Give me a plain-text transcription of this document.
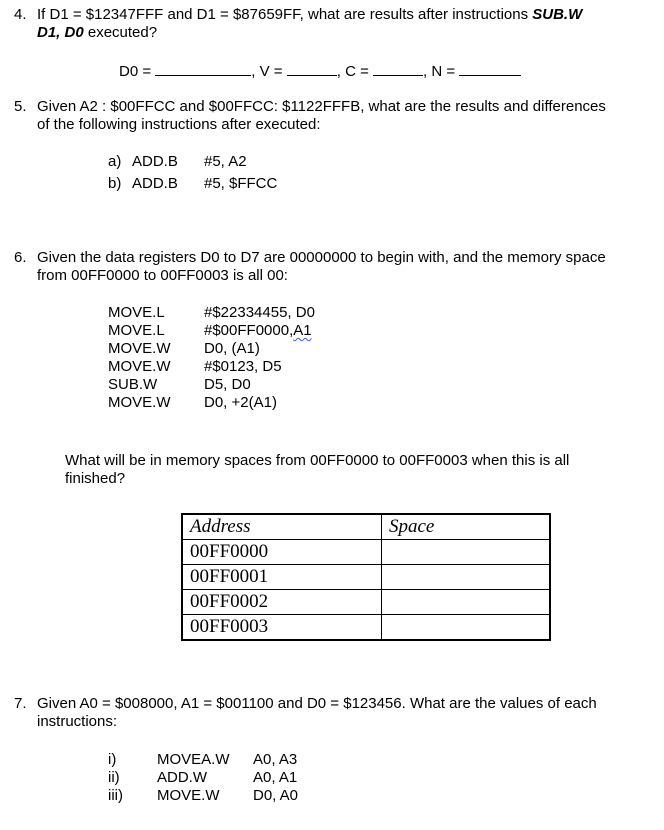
4. If D1 = $12347FFF and D1 = $87659FF, what are results after instructions SUB.W
D1, D0 executed?
D0 =	, V =	, C =	, N =
5. Given A2 : $00FFCC and $00FFCC: $1122FFFB, what are the results and differences
of the following instructions after executed:
a) ADD.B	#5, A2
b) ADD.B	#5, $FFCC
6. Given the data registers D0 to D7 are 00000000 to begin with, and the memory space
from 00FF0000 to 00FF0003 is all 00:
MOVE.L	#$22334455, D0
MOVE.L	#$00FF0000,A1
MOVE.W	D0, (A1)
MOVE.W	#$0123, D5
SUB.W	D5, D0
MOVE.W	D0, +2(A1)
What will be in memory spaces from 00FF0000 to 00FF0003 when this is all
finished?
Address	Space
00FF0000	
00FF0001	
00FF0002	
00FF0003	
7. Given A0 = $008000, A1 = $001100 and D0 = $123456. What are the values of each
instructions:
i)	MOVEA.W	A0, A3
ii)	ADD.W	A0, A1
iii)	MOVE.W	D0, A0
